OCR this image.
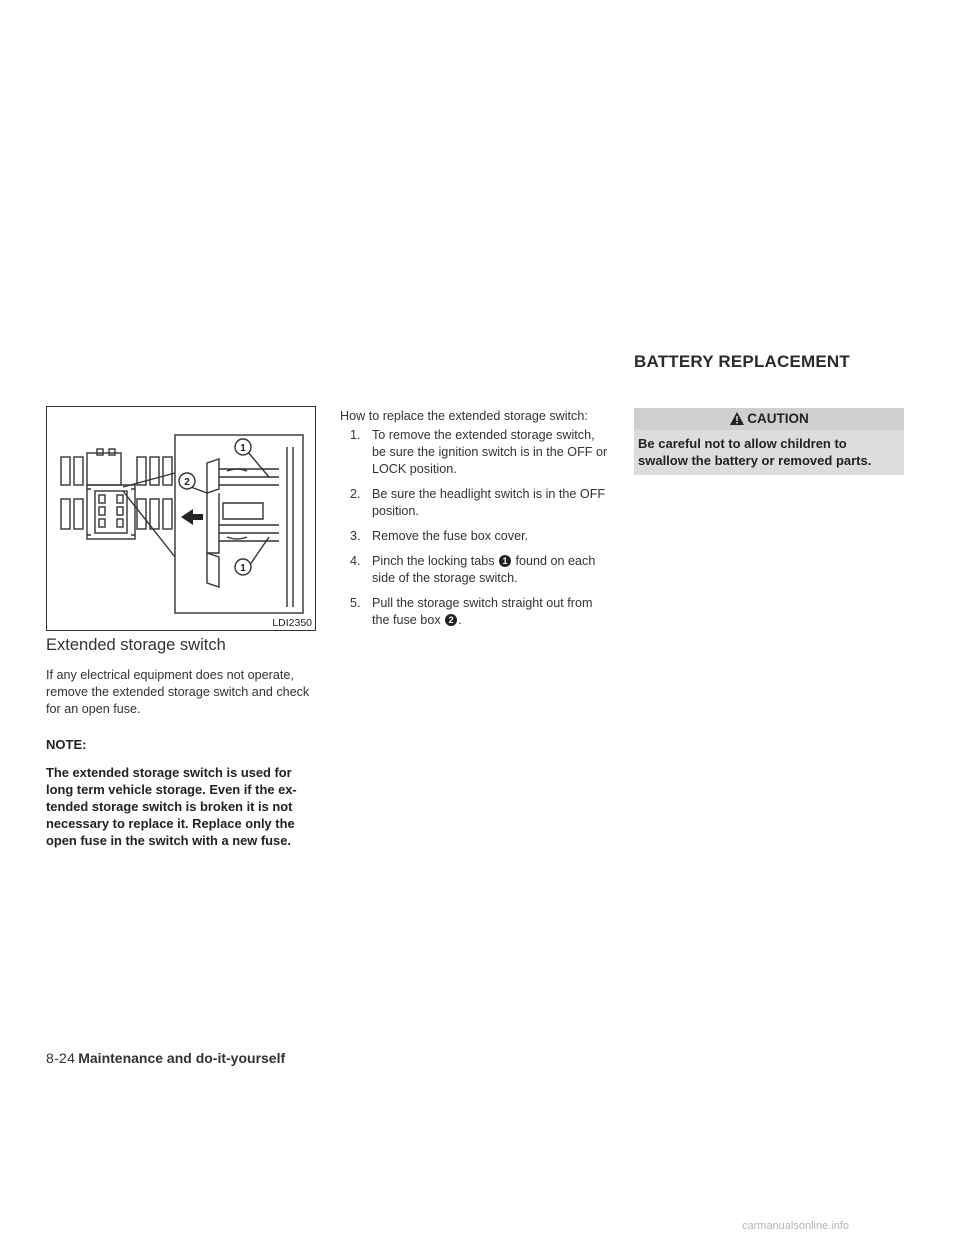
BATTERY REPLACEMENT
1
2
1
LDI2350
Extended storage switch

If any electrical equipment does not operate, remove the extended storage switch and check for an open fuse.

NOTE:

The extended storage switch is used for long term vehicle storage. Even if the ex- tended storage switch is broken it is not necessary to replace it. Replace only the open fuse in the switch with a new fuse.

How to replace the extended storage switch:
1. To remove the extended storage switch, be sure the ignition switch is in the OFF or LOCK position.
2. Be sure the headlight switch is in the OFF position.
3. Remove the fuse box cover.
4. Pinch the locking tabs 1 found on each side of the storage switch.
5. Pull the storage switch straight out from the fuse box 2 .
CAUTION
Be careful not to allow children to swallow the battery or removed parts.
8-24 Maintenance and do-it-yourself
carmanualsonline.info
